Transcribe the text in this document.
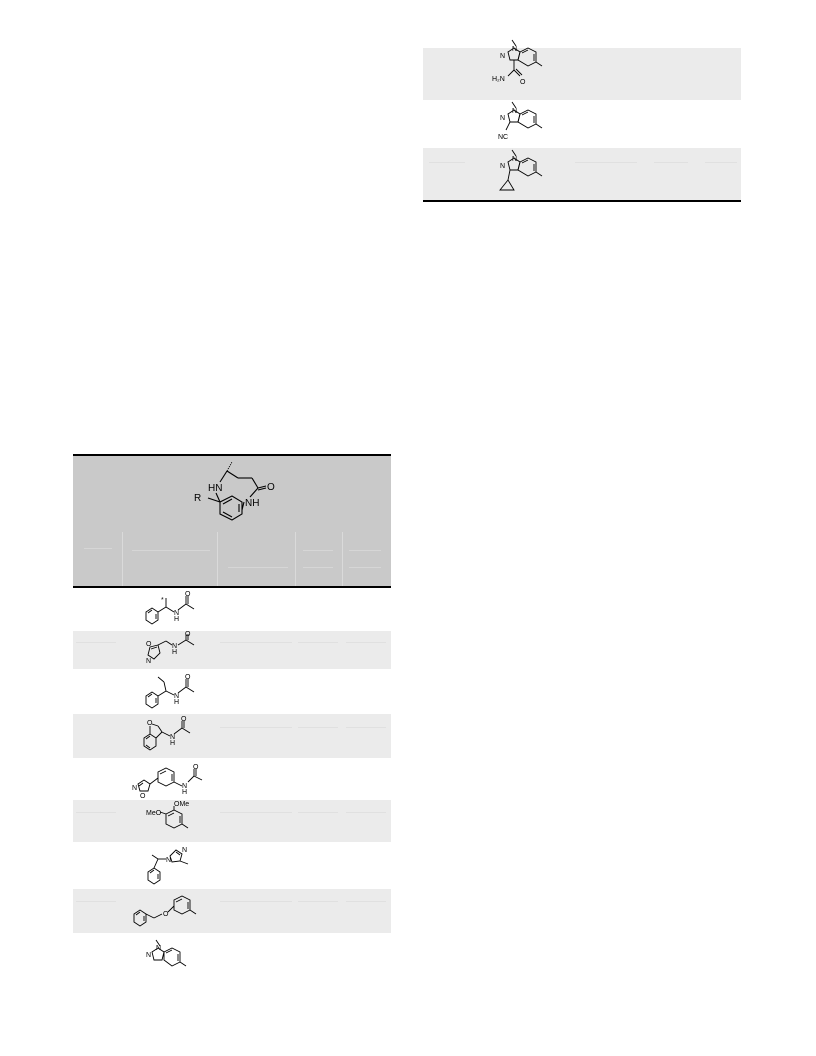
HN
NH
O
R
*
N
H
O
O
N
N
H
O
N
H
O
O
N
H
O
N
O
N
H
O
OMe
MeO
N
N
O
N
N
N
N
H₂N O
N
N
NC
N
N
